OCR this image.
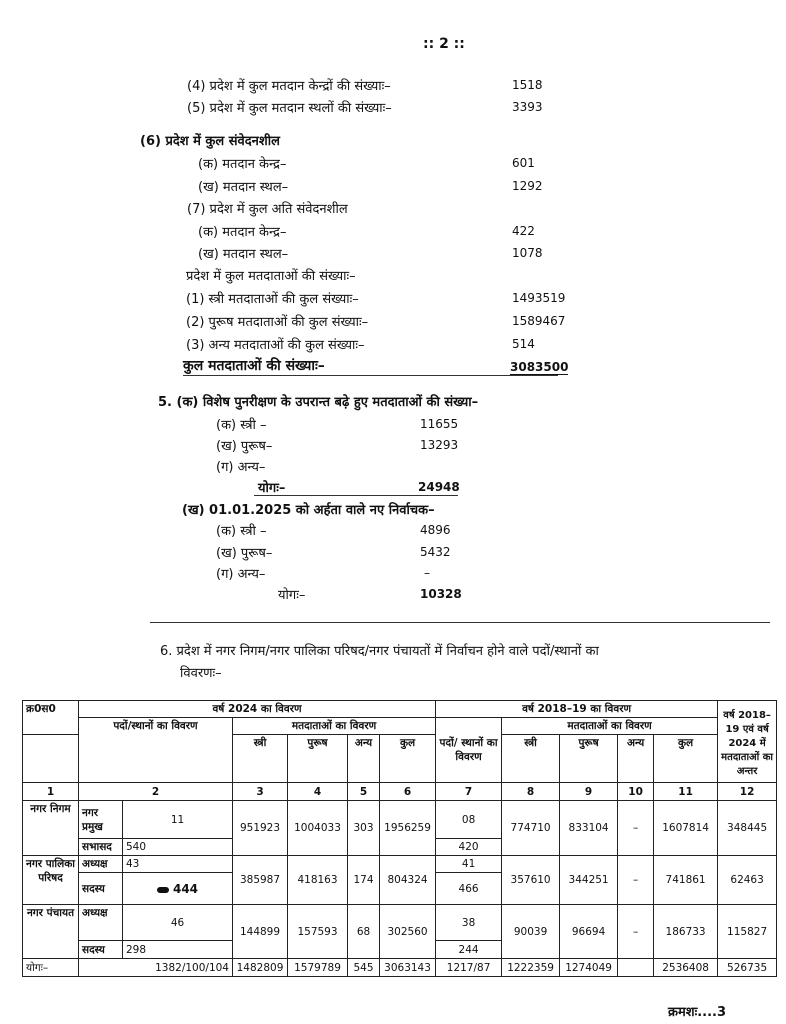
:: 2 ::
(4) प्रदेश में कुल मतदान केन्द्रों की संख्याः–	1518
(5) प्रदेश में कुल मतदान स्थलों की संख्याः–	3393
(6) प्रदेश में कुल संवेदनशील
(क) मतदान केन्द्र–	601
(ख) मतदान स्थल–	1292
(7) प्रदेश में कुल अति संवेदनशील
(क) मतदान केन्द्र–	422
(ख) मतदान स्थल–	1078
प्रदेश में कुल मतदाताओं की संख्याः–
(1) स्त्री मतदाताओं की कुल संख्याः–	1493519
(2) पुरूष मतदाताओं की कुल संख्याः–	1589467
(3) अन्य मतदाताओं की कुल संख्याः–	514
कुल मतदाताओं की संख्याः–	3083500
5. (क) विशेष पुनरीक्षण के उपरान्त बढ़े हुए मतदाताओं की संख्या–
(क) स्त्री –	11655
(ख) पुरूष–	13293
(ग) अन्य–
योगः–	24948
(ख) 01.01.2025 को अर्हता वाले नए निर्वाचक–
(क) स्त्री –	4896
(ख) पुरूष–	5432
(ग) अन्य–	–
योगः–	10328
6. प्रदेश में नगर निगम/नगर पालिका परिषद/नगर पंचायतों में निर्वाचन होने वाले पदों/स्थानों का
विवरणः–
क्र0स0	वर्ष 2024 का विवरण						वर्ष 2018–19 का विवरण					वर्ष 2018–19 एवं वर्ष 2024 में मतदाताओं का अन्तर
	पदों/स्थानों का विवरण		मतदाताओं का विवरण				पदों/ स्थानों का विवरण	मतदाताओं का विवरण				
			स्त्री	पुरूष	अन्य	कुल		स्त्री	पुरूष	अन्य	कुल	
1	2		3	4	5	6	7	8	9	10	11	12
नगर निगम	नगर प्रमुख	11	951923	1004033	303	1956259	08	774710	833104	–	1607814	348445
	सभासद	540					420					
नगर पालिका परिषद	अध्यक्ष	43	385987	418163	174	804324	41	357610	344251	–	741861	62463
	सदस्य	444					466					
नगर पंचायत	अध्यक्ष	46	144899	157593	68	302560	38	90039	96694	–	186733	115827
	सदस्य	298					244					
योगः–	1382/100/104		1482809	1579789	545	3063143	1217/87	1222359	1274049		2536408	526735
क्रमशः....3
